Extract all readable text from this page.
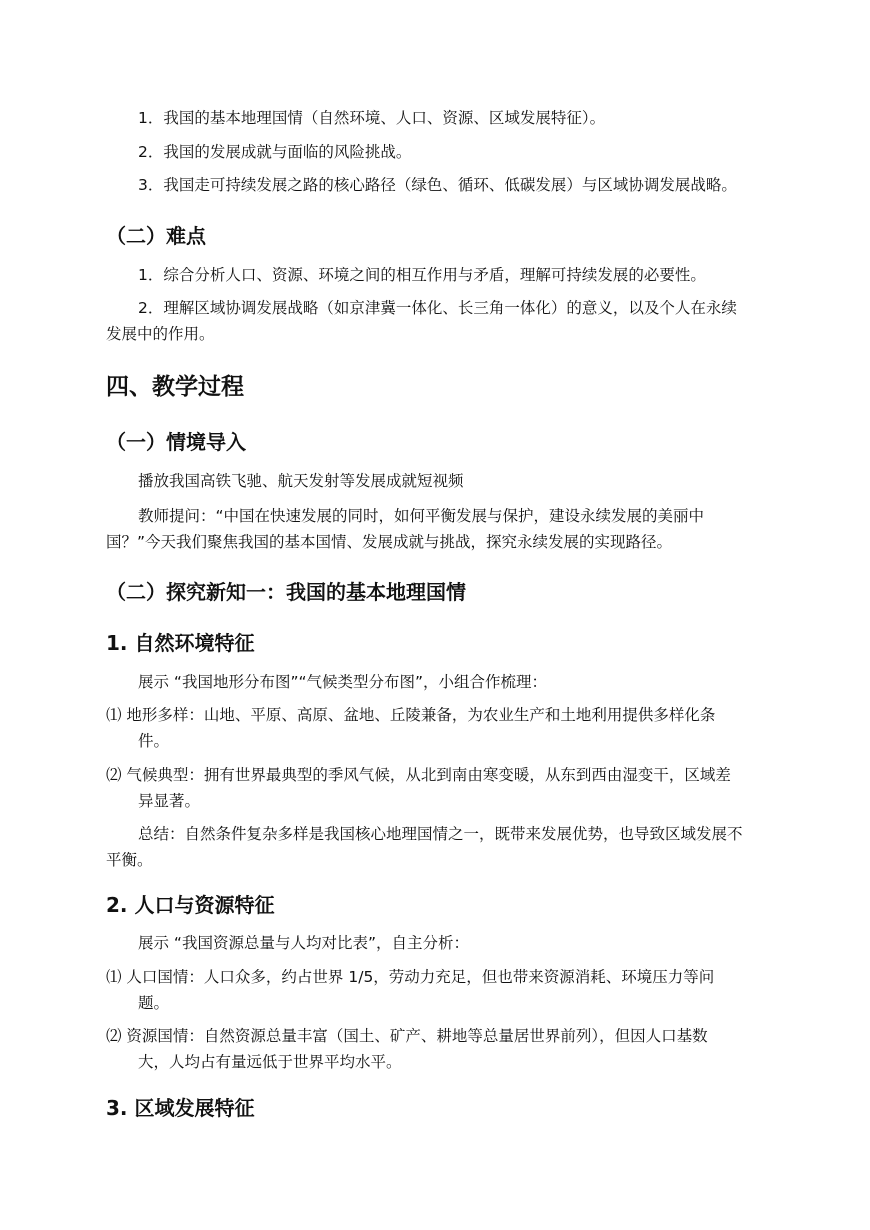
1．我国的基本地理国情（自然环境、人口、资源、区域发展特征）。
2．我国的发展成就与面临的风险挑战。
3．我国走可持续发展之路的核心路径（绿色、循环、低碳发展）与区域协调发展战略。
（二）难点
1．综合分析人口、资源、环境之间的相互作用与矛盾，理解可持续发展的必要性。
2．理解区域协调发展战略（如京津冀一体化、长三角一体化）的意义，以及个人在永续
发展中的作用。
四、教学过程
（一）情境导入
播放我国高铁飞驰、航天发射等发展成就短视频
教师提问：“中国在快速发展的同时，如何平衡发展与保护，建设永续发展的美丽中
国？”今天我们聚焦我国的基本国情、发展成就与挑战，探究永续发展的实现路径。
（二）探究新知一：我国的基本地理国情
1. 自然环境特征
展示 “我国地形分布图”“气候类型分布图”，小组合作梳理：
⑴ 地形多样：山地、平原、高原、盆地、丘陵兼备，为农业生产和土地利用提供多样化条
件。
⑵ 气候典型：拥有世界最典型的季风气候，从北到南由寒变暖，从东到西由湿变干，区域差
异显著。
总结：自然条件复杂多样是我国核心地理国情之一，既带来发展优势，也导致区域发展不
平衡。
2. 人口与资源特征
展示 “我国资源总量与人均对比表”，自主分析：
⑴ 人口国情：人口众多，约占世界 1/5，劳动力充足，但也带来资源消耗、环境压力等问
题。
⑵ 资源国情：自然资源总量丰富（国土、矿产、耕地等总量居世界前列），但因人口基数
大，人均占有量远低于世界平均水平。
3. 区域发展特征
